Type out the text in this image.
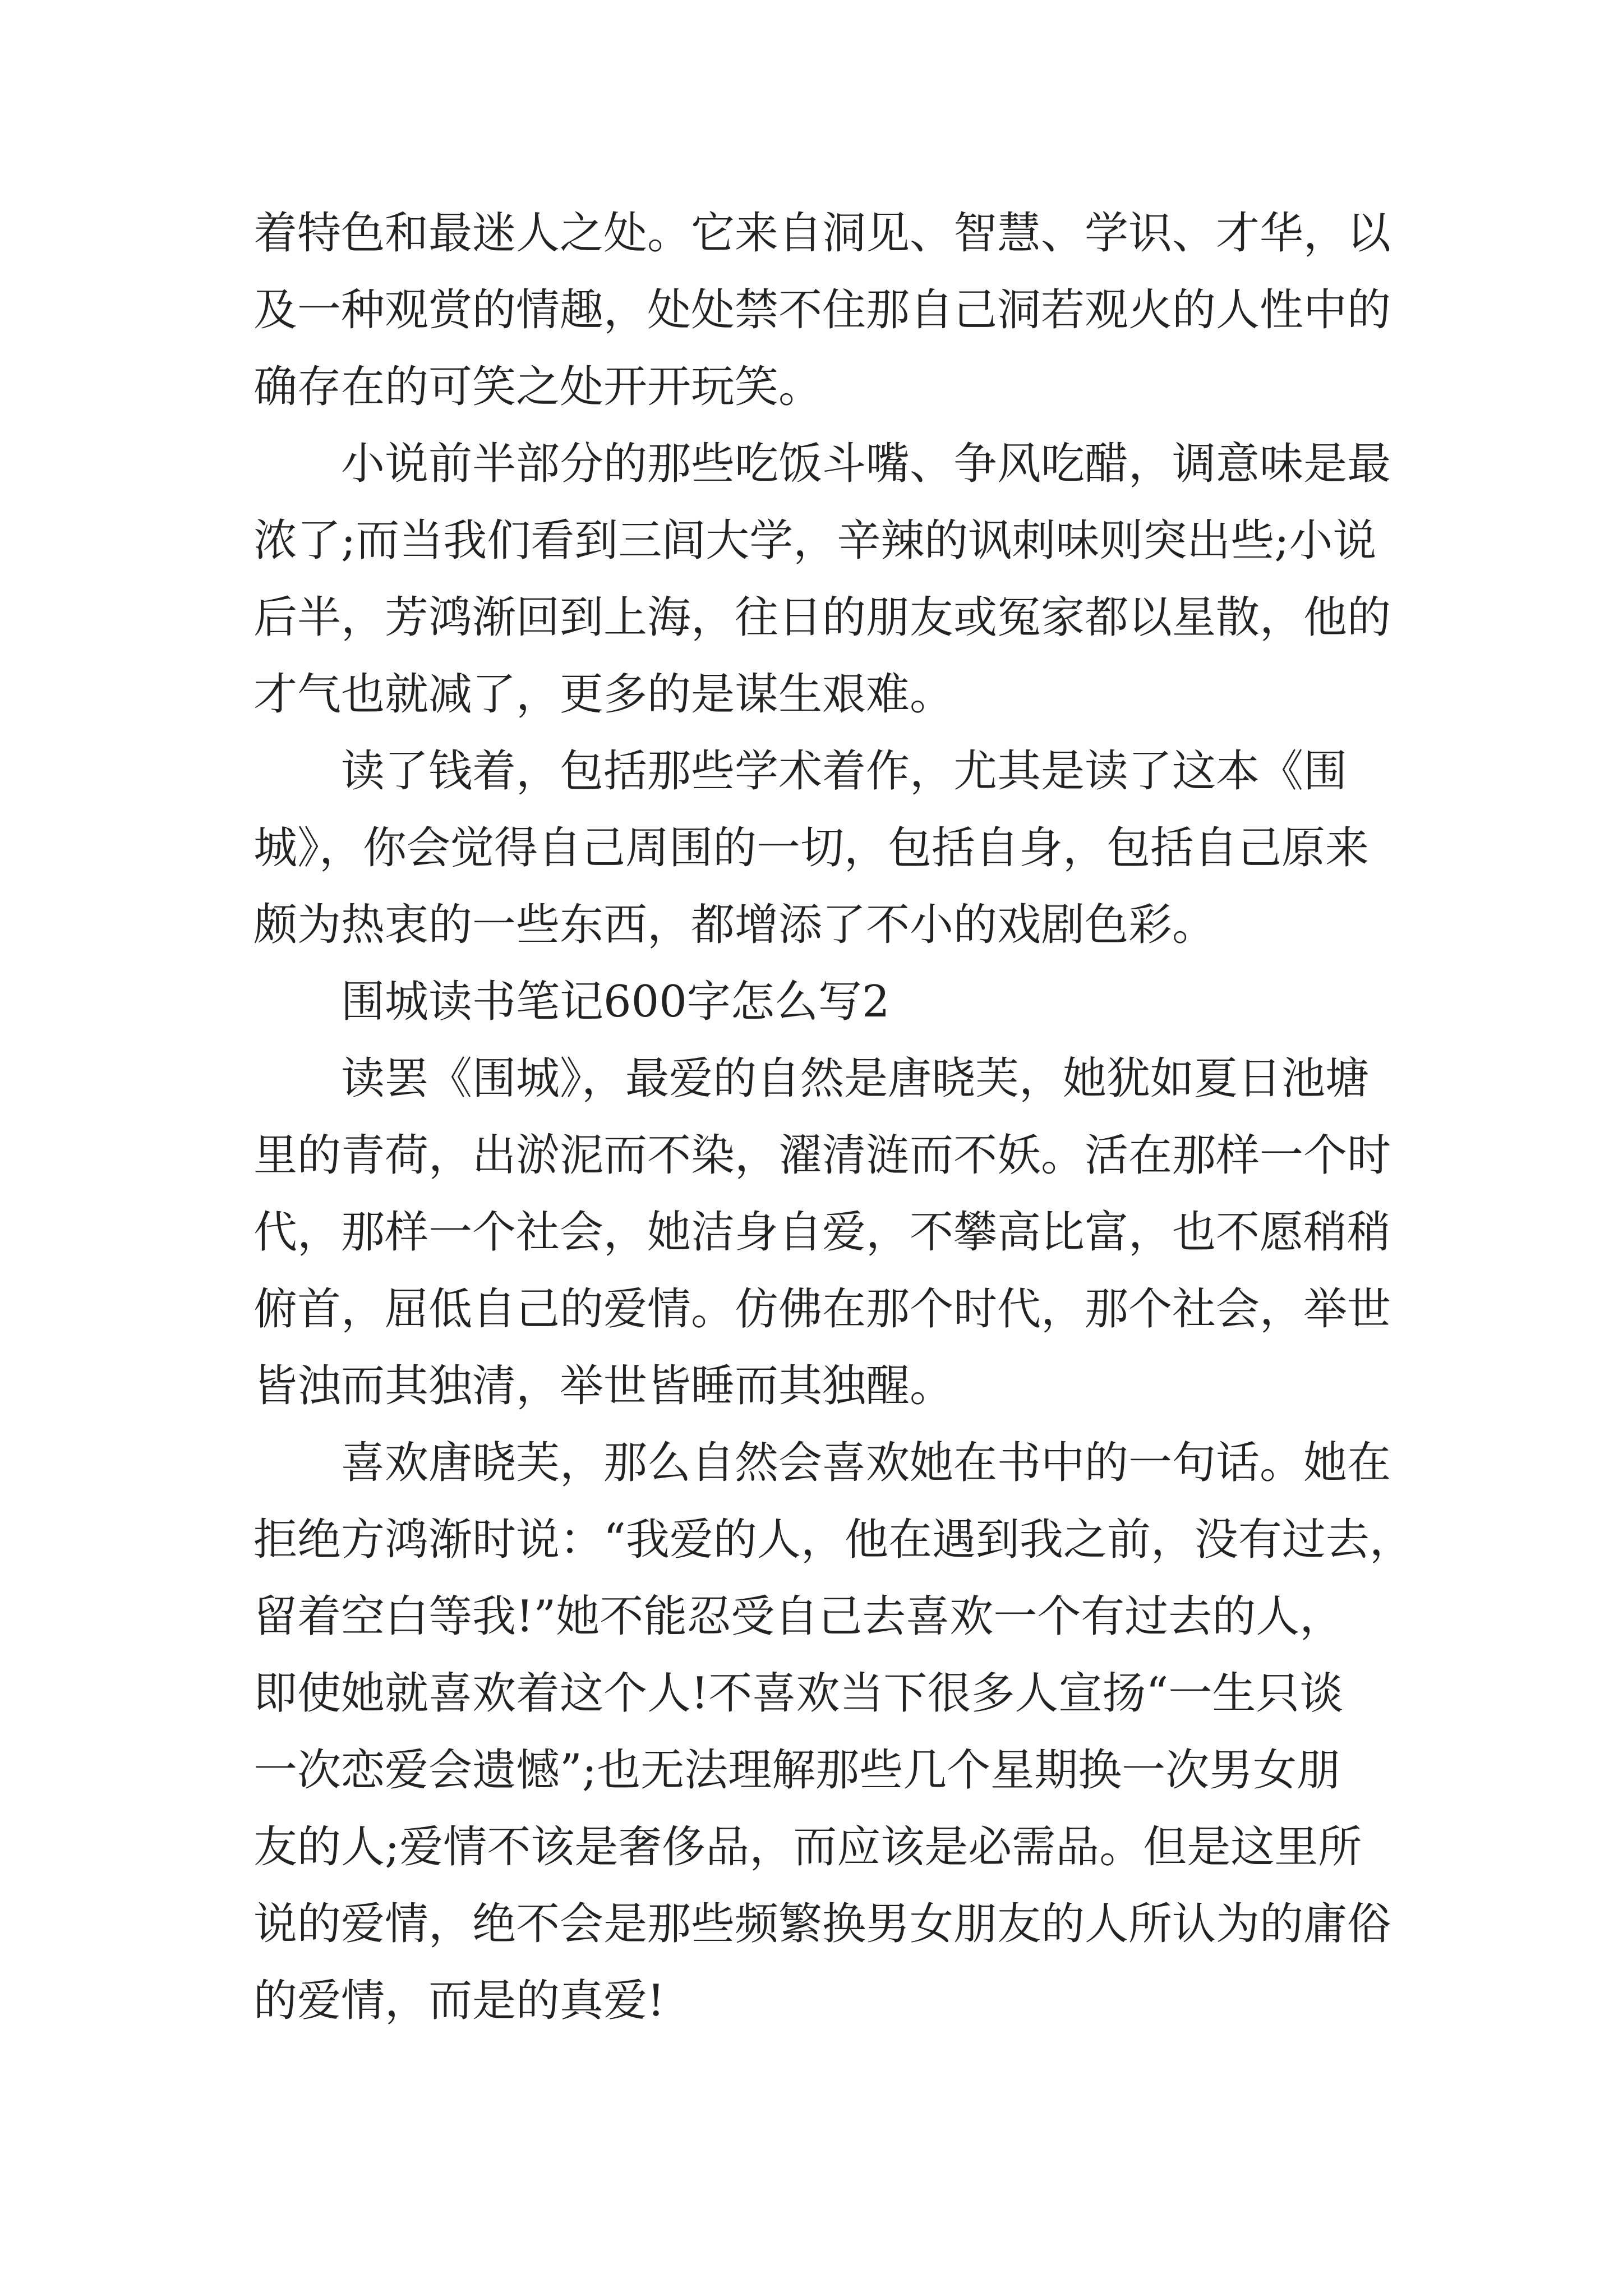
着特色和最迷人之处。它来自洞见、智慧、学识、才华，以

及一种观赏的情趣，处处禁不住那自己洞若观火的人性中的

确存在的可笑之处开开玩笑。

小说前半部分的那些吃饭斗嘴、争风吃醋，调意味是最

浓了;而当我们看到三闾大学，辛辣的讽刺味则突出些;小说

后半，芳鸿渐回到上海，往日的朋友或冤家都以星散，他的

才气也就减了，更多的是谋生艰难。

读了钱着，包括那些学术着作，尤其是读了这本《围

城》，你会觉得自己周围的一切，包括自身，包括自己原来

颇为热衷的一些东西，都增添了不小的戏剧色彩。

围城读书笔记600字怎么写2

读罢《围城》，最爱的自然是唐晓芙，她犹如夏日池塘

里的青荷，出淤泥而不染，濯清涟而不妖。活在那样一个时

代，那样一个社会，她洁身自爱，不攀高比富，也不愿稍稍

俯首，屈低自己的爱情。仿佛在那个时代，那个社会，举世

皆浊而其独清，举世皆睡而其独醒。

喜欢唐晓芙，那么自然会喜欢她在书中的一句话。她在

拒绝方鸿渐时说：“我爱的人，他在遇到我之前，没有过去，

留着空白等我!”她不能忍受自己去喜欢一个有过去的人，

即使她就喜欢着这个人!不喜欢当下很多人宣扬“一生只谈

一次恋爱会遗憾”;也无法理解那些几个星期换一次男女朋

友的人;爱情不该是奢侈品，而应该是必需品。但是这里所

说的爱情，绝不会是那些频繁换男女朋友的人所认为的庸俗

的爱情，而是的真爱!
